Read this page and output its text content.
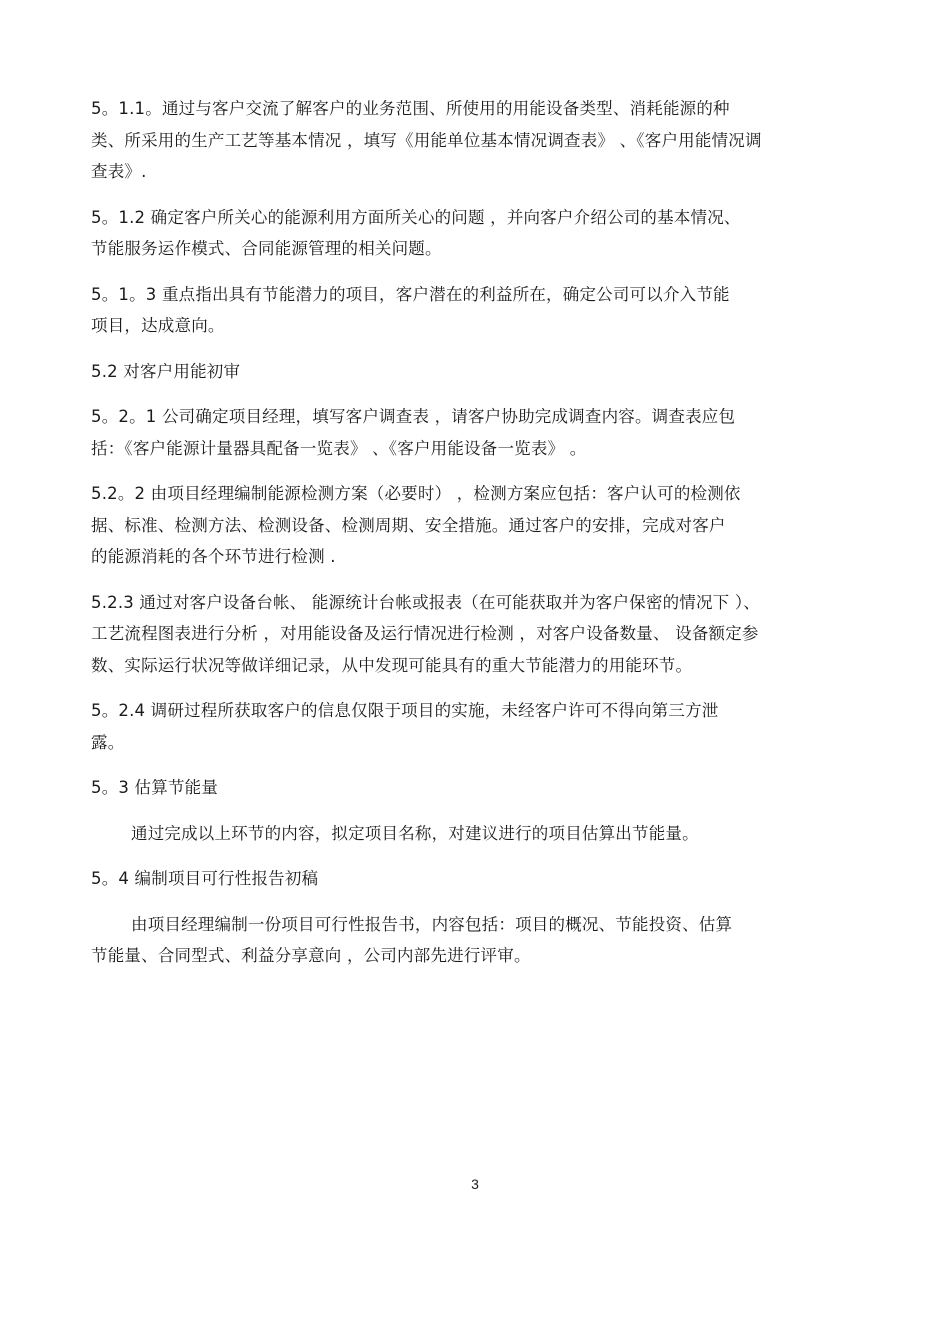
5。1.1。通过与客户交流了解客户的业务范围、所使用的用能设备类型、消耗能源的种
类、所采用的生产工艺等基本情况 ，填写《用能单位基本情况调查表》 、《客户用能情况调
查表》.
5。1.2 确定客户所关心的能源利用方面所关心的问题 ，并向客户介绍公司的基本情况、
节能服务运作模式、合同能源管理的相关问题。
5。1。3 重点指出具有节能潜力的项目，客户潜在的利益所在，确定公司可以介入节能
项目，达成意向。
5.2 对客户用能初审
5。2。1 公司确定项目经理，填写客户调查表 ，请客户协助完成调查内容。调查表应包
括：《客户能源计量器具配备一览表》 、《客户用能设备一览表》 。
5.2。2 由项目经理编制能源检测方案（必要时） ，检测方案应包括：客户认可的检测依
据、标准、检测方法、检测设备、检测周期、安全措施。通过客户的安排，完成对客户
的能源消耗的各个环节进行检测 .
5.2.3 通过对客户设备台帐、 能源统计台帐或报表（在可能获取并为客户保密的情况下 ）、
工艺流程图表进行分析 ，对用能设备及运行情况进行检测 ，对客户设备数量、 设备额定参
数、实际运行状况等做详细记录，从中发现可能具有的重大节能潜力的用能环节。
5。2.4 调研过程所获取客户的信息仅限于项目的实施，未经客户许可不得向第三方泄
露。
5。3 估算节能量
通过完成以上环节的内容，拟定项目名称，对建议进行的项目估算出节能量。
5。4 编制项目可行性报告初稿
由项目经理编制一份项目可行性报告书，内容包括：项目的概况、节能投资、估算
节能量、合同型式、利益分享意向 ，公司内部先进行评审。
3
